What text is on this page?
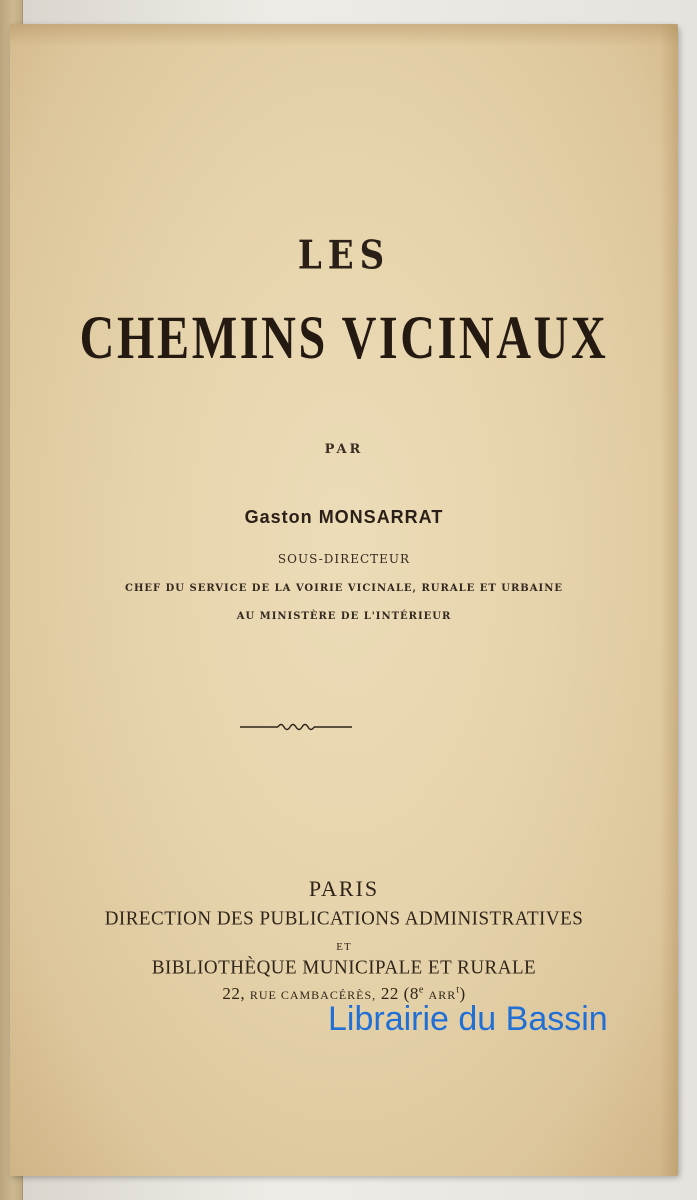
LES
CHEMINS VICINAUX
PAR
Gaston MONSARRAT
SOUS-DIRECTEUR
CHEF DU SERVICE DE LA VOIRIE VICINALE, RURALE ET URBAINE
AU MINISTÈRE DE L'INTÉRIEUR
PARIS
DIRECTION DES PUBLICATIONS ADMINISTRATIVES
ET
BIBLIOTHÈQUE MUNICIPALE ET RURALE
22, RUE CAMBACÉRÈS, 22 (8e ARR$^t$)
Librairie du Bassin
